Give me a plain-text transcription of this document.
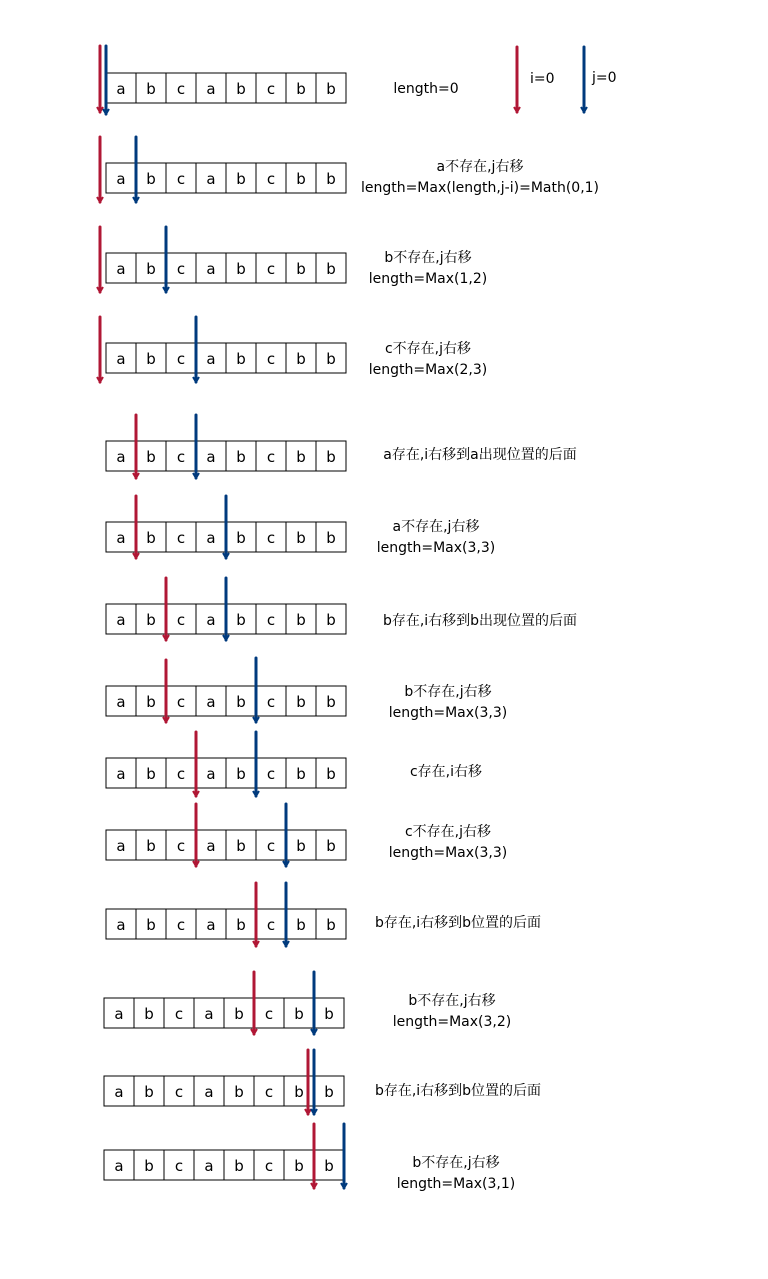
a b c a b c b b
a b c a b c b b
a b c a b c b b
a b c a b c b b
a b c a b c b b
a b c a b c b b
a b c a b c b b
a b c a b c b b
a b c a b c b b
a b c a b c b b
a b c a b c b b
a b c a b c b b
a b c a b c b b
a b c a b c b b
length=0
a不存在,j右移
length=Max(length,j-i)=Math(0,1)
b不存在,j右移
length=Max(1,2)
c不存在,j右移
length=Max(2,3)
a存在,i右移到a出现位置的后面
a不存在,j右移
length=Max(3,3)
b存在,i右移到b出现位置的后面
b不存在,j右移
length=Max(3,3)
c存在,i右移
c不存在,j右移
length=Max(3,3)
b存在,i右移到b位置的后面
b不存在,j右移
length=Max(3,2)
b存在,i右移到b位置的后面
b不存在,j右移
length=Max(3,1)
i=0	j=0
